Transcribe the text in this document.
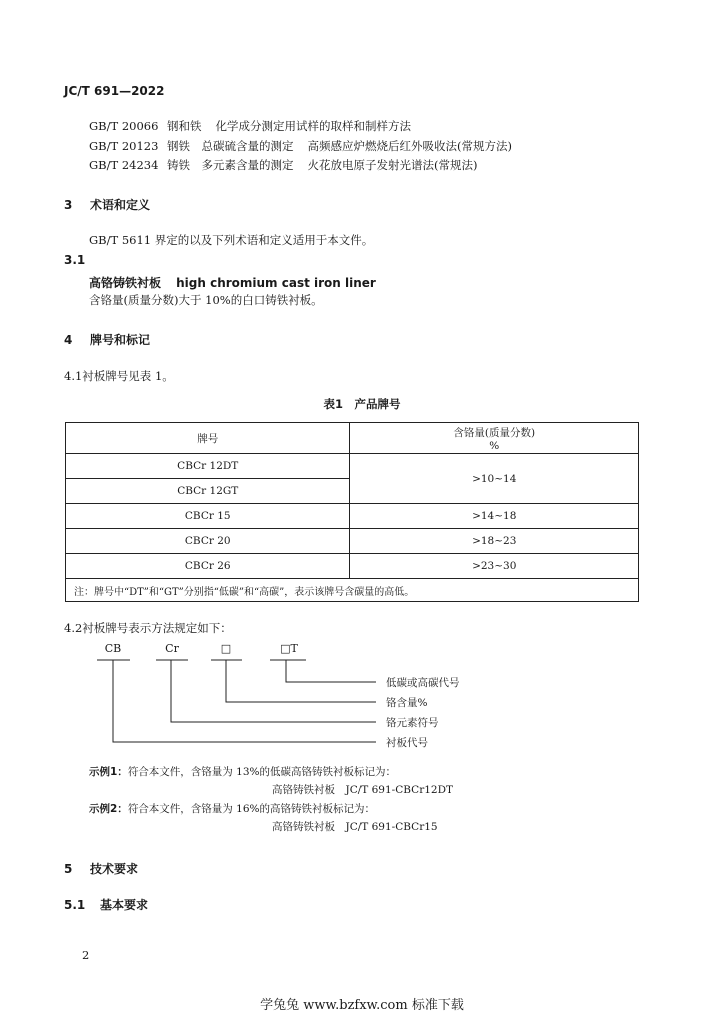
JC/T 691—2022
GB/T 20066 钢和铁 化学成分测定用试样的取样和制样方法
GB/T 20123 钢铁　总碳硫含量的测定 高频感应炉燃烧后红外吸收法(常规方法)
GB/T 24234 铸铁　多元素含量的测定 火花放电原子发射光谱法(常规法)
3 术语和定义
GB/T 5611 界定的以及下列术语和定义适用于本文件。
3.1
高铬铸铁衬板 high chromium cast iron liner
含铬量(质量分数)大于 10%的白口铸铁衬板。
4 牌号和标记
4.1衬板牌号见表 1。
表1　产品牌号
牌号	含铬量(质量分数)
%

CBCr 12DT	>10~14
CBCr 12GT	
CBCr 15	>14~18
CBCr 20	>18~23
CBCr 26	>23~30
注：牌号中“DT”和“GT”分别指“低碳”和“高碳”，表示该牌号含碳量的高低。	
4.2衬板牌号表示方法规定如下：
CB	Cr	□	□T
低碳或高碳代号
铬含量%
铬元素符号
衬板代号
示例1：符合本文件，含铬量为 13%的低碳高铬铸铁衬板标记为：
高铬铸铁衬板　JC/T 691-CBCr12DT
示例2：符合本文件，含铬量为 16%的高铬铸铁衬板标记为：
高铬铸铁衬板　JC/T 691-CBCr15
5 技术要求
5.1 基本要求
2
学兔兔 www.bzfxw.com 标准下载
